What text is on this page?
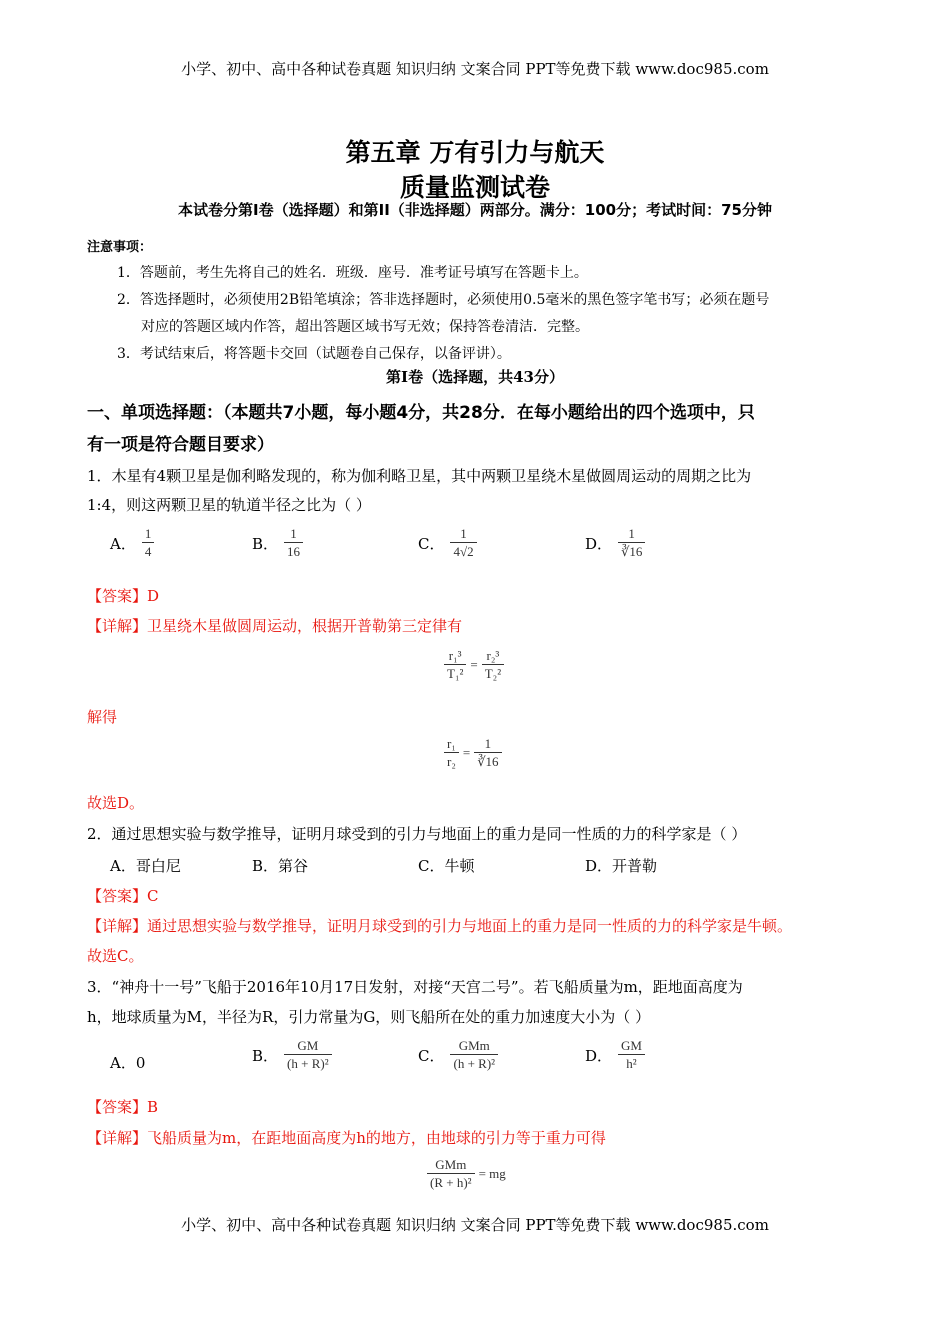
小学、初中、高中各种试卷真题 知识归纳 文案合同 PPT等免费下载 www.doc985.com
第五章 万有引力与航天
质量监测试卷
本试卷分第I卷（选择题）和第II（非选择题）两部分。满分：100分；考试时间：75分钟
注意事项：
1．答题前，考生先将自己的姓名．班级．座号．准考证号填写在答题卡上。
2．答选择题时，必须使用2B铅笔填涂；答非选择题时，必须使用0.5毫米的黑色签字笔书写；必须在题号
对应的答题区域内作答，超出答题区域书写无效；保持答卷清洁．完整。
3．考试结束后，将答题卡交回（试题卷自己保存，以备评讲）。
第I卷（选择题，共43分）
一、单项选择题：（本题共7小题，每小题4分，共28分．在每小题给出的四个选项中，只
有一项是符合题目要求）
1．木星有4颗卫星是伽利略发现的，称为伽利略卫星，其中两颗卫星绕木星做圆周运动的周期之比为
1:4，则这两颗卫星的轨道半径之比为（ ）
A． $\frac{1}{4}$	B． $\frac{1}{16}$	C． $\frac{1}{4√2}$	D． $\frac{1}{∛16}$
【答案】D
【详解】卫星绕木星做圆周运动，根据开普勒第三定律有
$\frac{\text{r₁³}}{\text{T₁²}} = \frac{\text{r₂³}}{\text{T₂²}}$
解得
$\frac{\text{r₁}}{\text{r₂}} = \frac{1}{∛16}$
故选D。
2．通过思想实验与数学推导，证明月球受到的引力与地面上的重力是同一性质的力的科学家是（ ）
A．哥白尼	B．第谷	C．牛顿	D．开普勒
【答案】C
【详解】通过思想实验与数学推导，证明月球受到的引力与地面上的重力是同一性质的力的科学家是牛顿。
故选C。
3．“神舟十一号”飞船于2016年10月17日发射，对接“天宫二号”。若飞船质量为m，距地面高度为
h，地球质量为M，半径为R，引力常量为G，则飞船所在处的重力加速度大小为（ ）
A．0	B． $\frac{GM}{\text{(h + R)²}}$	C． $\frac{\text{GMm}}{\text{(h + R)²}}$	D． $\frac{GM}{\text{h²}}$
【答案】B
【详解】飞船质量为m，在距地面高度为h的地方，由地球的引力等于重力可得
$\frac{\text{GMm}}{\text{(R + h)²}}$ = mg
小学、初中、高中各种试卷真题 知识归纳 文案合同 PPT等免费下载 www.doc985.com
